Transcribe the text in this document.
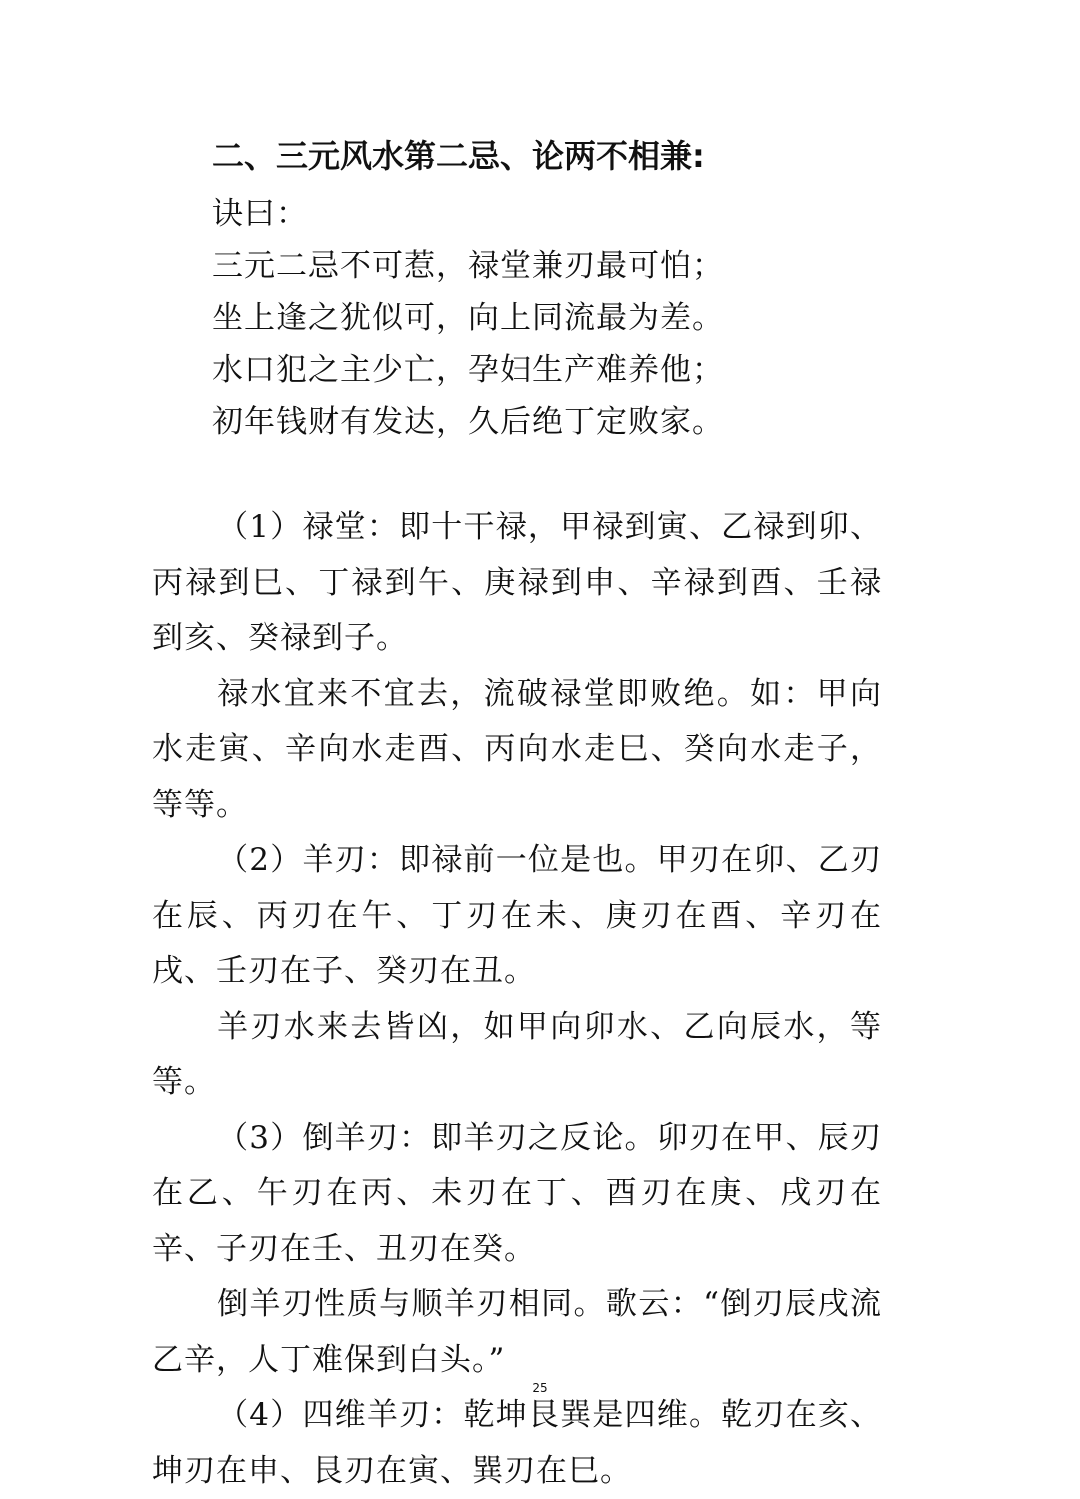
二、三元风水第二忌、论两不相兼:
诀曰：
三元二忌不可惹，禄堂兼刃最可怕；
坐上逢之犹似可，向上同流最为差。
水口犯之主少亡，孕妇生产难养他；
初年钱财有发达，久后绝丁定败家。

（1）禄堂：即十干禄，甲禄到寅、乙禄到卯、丙禄到巳、丁禄到午、庚禄到申、辛禄到酉、壬禄到亥、癸禄到子。

禄水宜来不宜去，流破禄堂即败绝。如：甲向水走寅、辛向水走酉、丙向水走巳、癸向水走子，等等。

（2）羊刃：即禄前一位是也。甲刃在卯、乙刃在辰、丙刃在午、丁刃在未、庚刃在酉、辛刃在戌、壬刃在子、癸刃在丑。

羊刃水来去皆凶，如甲向卯水、乙向辰水，等等。

（3）倒羊刃：即羊刃之反论。卯刃在甲、辰刃在乙、午刃在丙、未刃在丁、酉刃在庚、戌刃在辛、子刃在壬、丑刃在癸。

倒羊刃性质与顺羊刃相同。歌云：“倒刃辰戌流乙辛，人丁难保到白头。”

（4）四维羊刃：乾坤艮巽是四维。乾刃在亥、坤刃在申、艮刃在寅、巽刃在巳。

25
